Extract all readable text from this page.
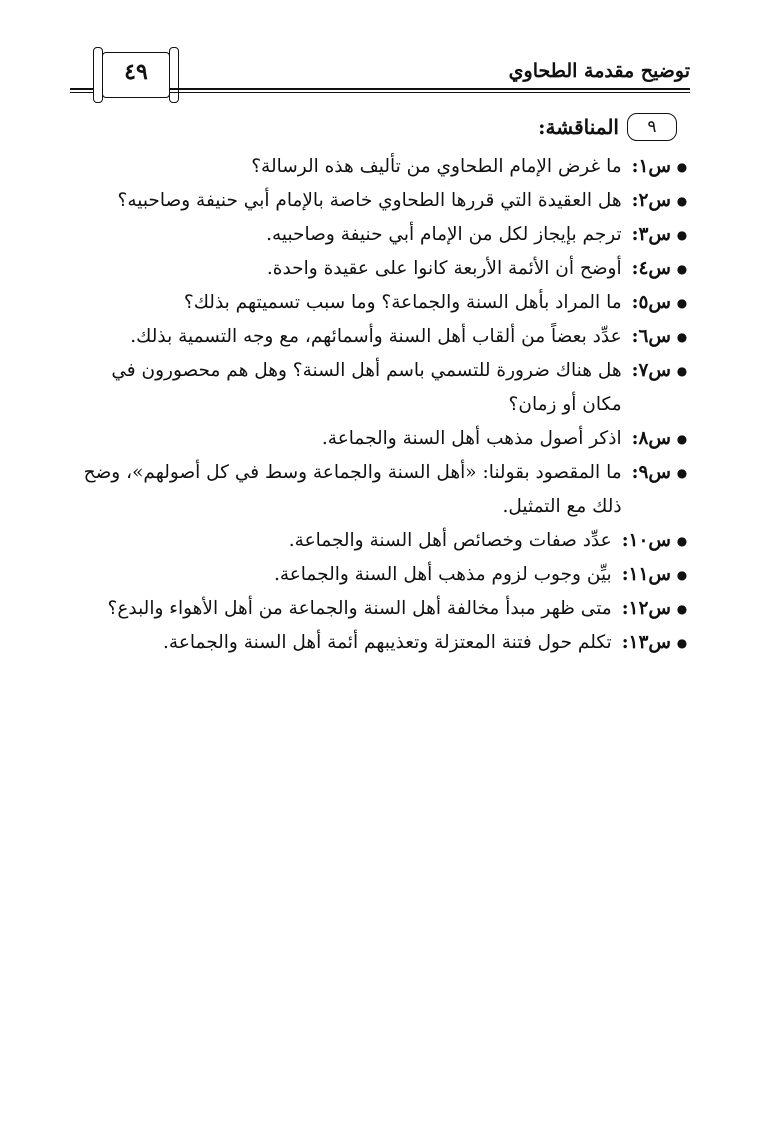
٤٩	توضيح مقدمة الطحاوي
٩
المناقشة:
●
س١:
ما غرض الإمام الطحاوي من تأليف هذه الرسالة؟
●
س٢:
هل العقيدة التي قررها الطحاوي خاصة بالإمام أبي حنيفة وصاحبيه؟
●
س٣:
ترجم بإيجاز لكل من الإمام أبي حنيفة وصاحبيه.
●
س٤:
أوضح أن الأئمة الأربعة كانوا على عقيدة واحدة.
●
س٥:
ما المراد بأهل السنة والجماعة؟ وما سبب تسميتهم بذلك؟
●
س٦:
عدِّد بعضاً من ألقاب أهل السنة وأسمائهم، مع وجه التسمية بذلك.
●
س٧:
هل هناك ضرورة للتسمي باسم أهل السنة؟ وهل هم محصورون في مكان أو زمان؟
●
س٨:
اذكر أصول مذهب أهل السنة والجماعة.
●
س٩:
ما المقصود بقولنا: «أهل السنة والجماعة وسط في كل أصولهم»، وضح ذلك مع التمثيل.
●
س١٠:
عدِّد صفات وخصائص أهل السنة والجماعة.
●
س١١:
بيِّن وجوب لزوم مذهب أهل السنة والجماعة.
●
س١٢:
متى ظهر مبدأ مخالفة أهل السنة والجماعة من أهل الأهواء والبدع؟
●
س١٣:
تكلم حول فتنة المعتزلة وتعذيبهم أئمة أهل السنة والجماعة.
